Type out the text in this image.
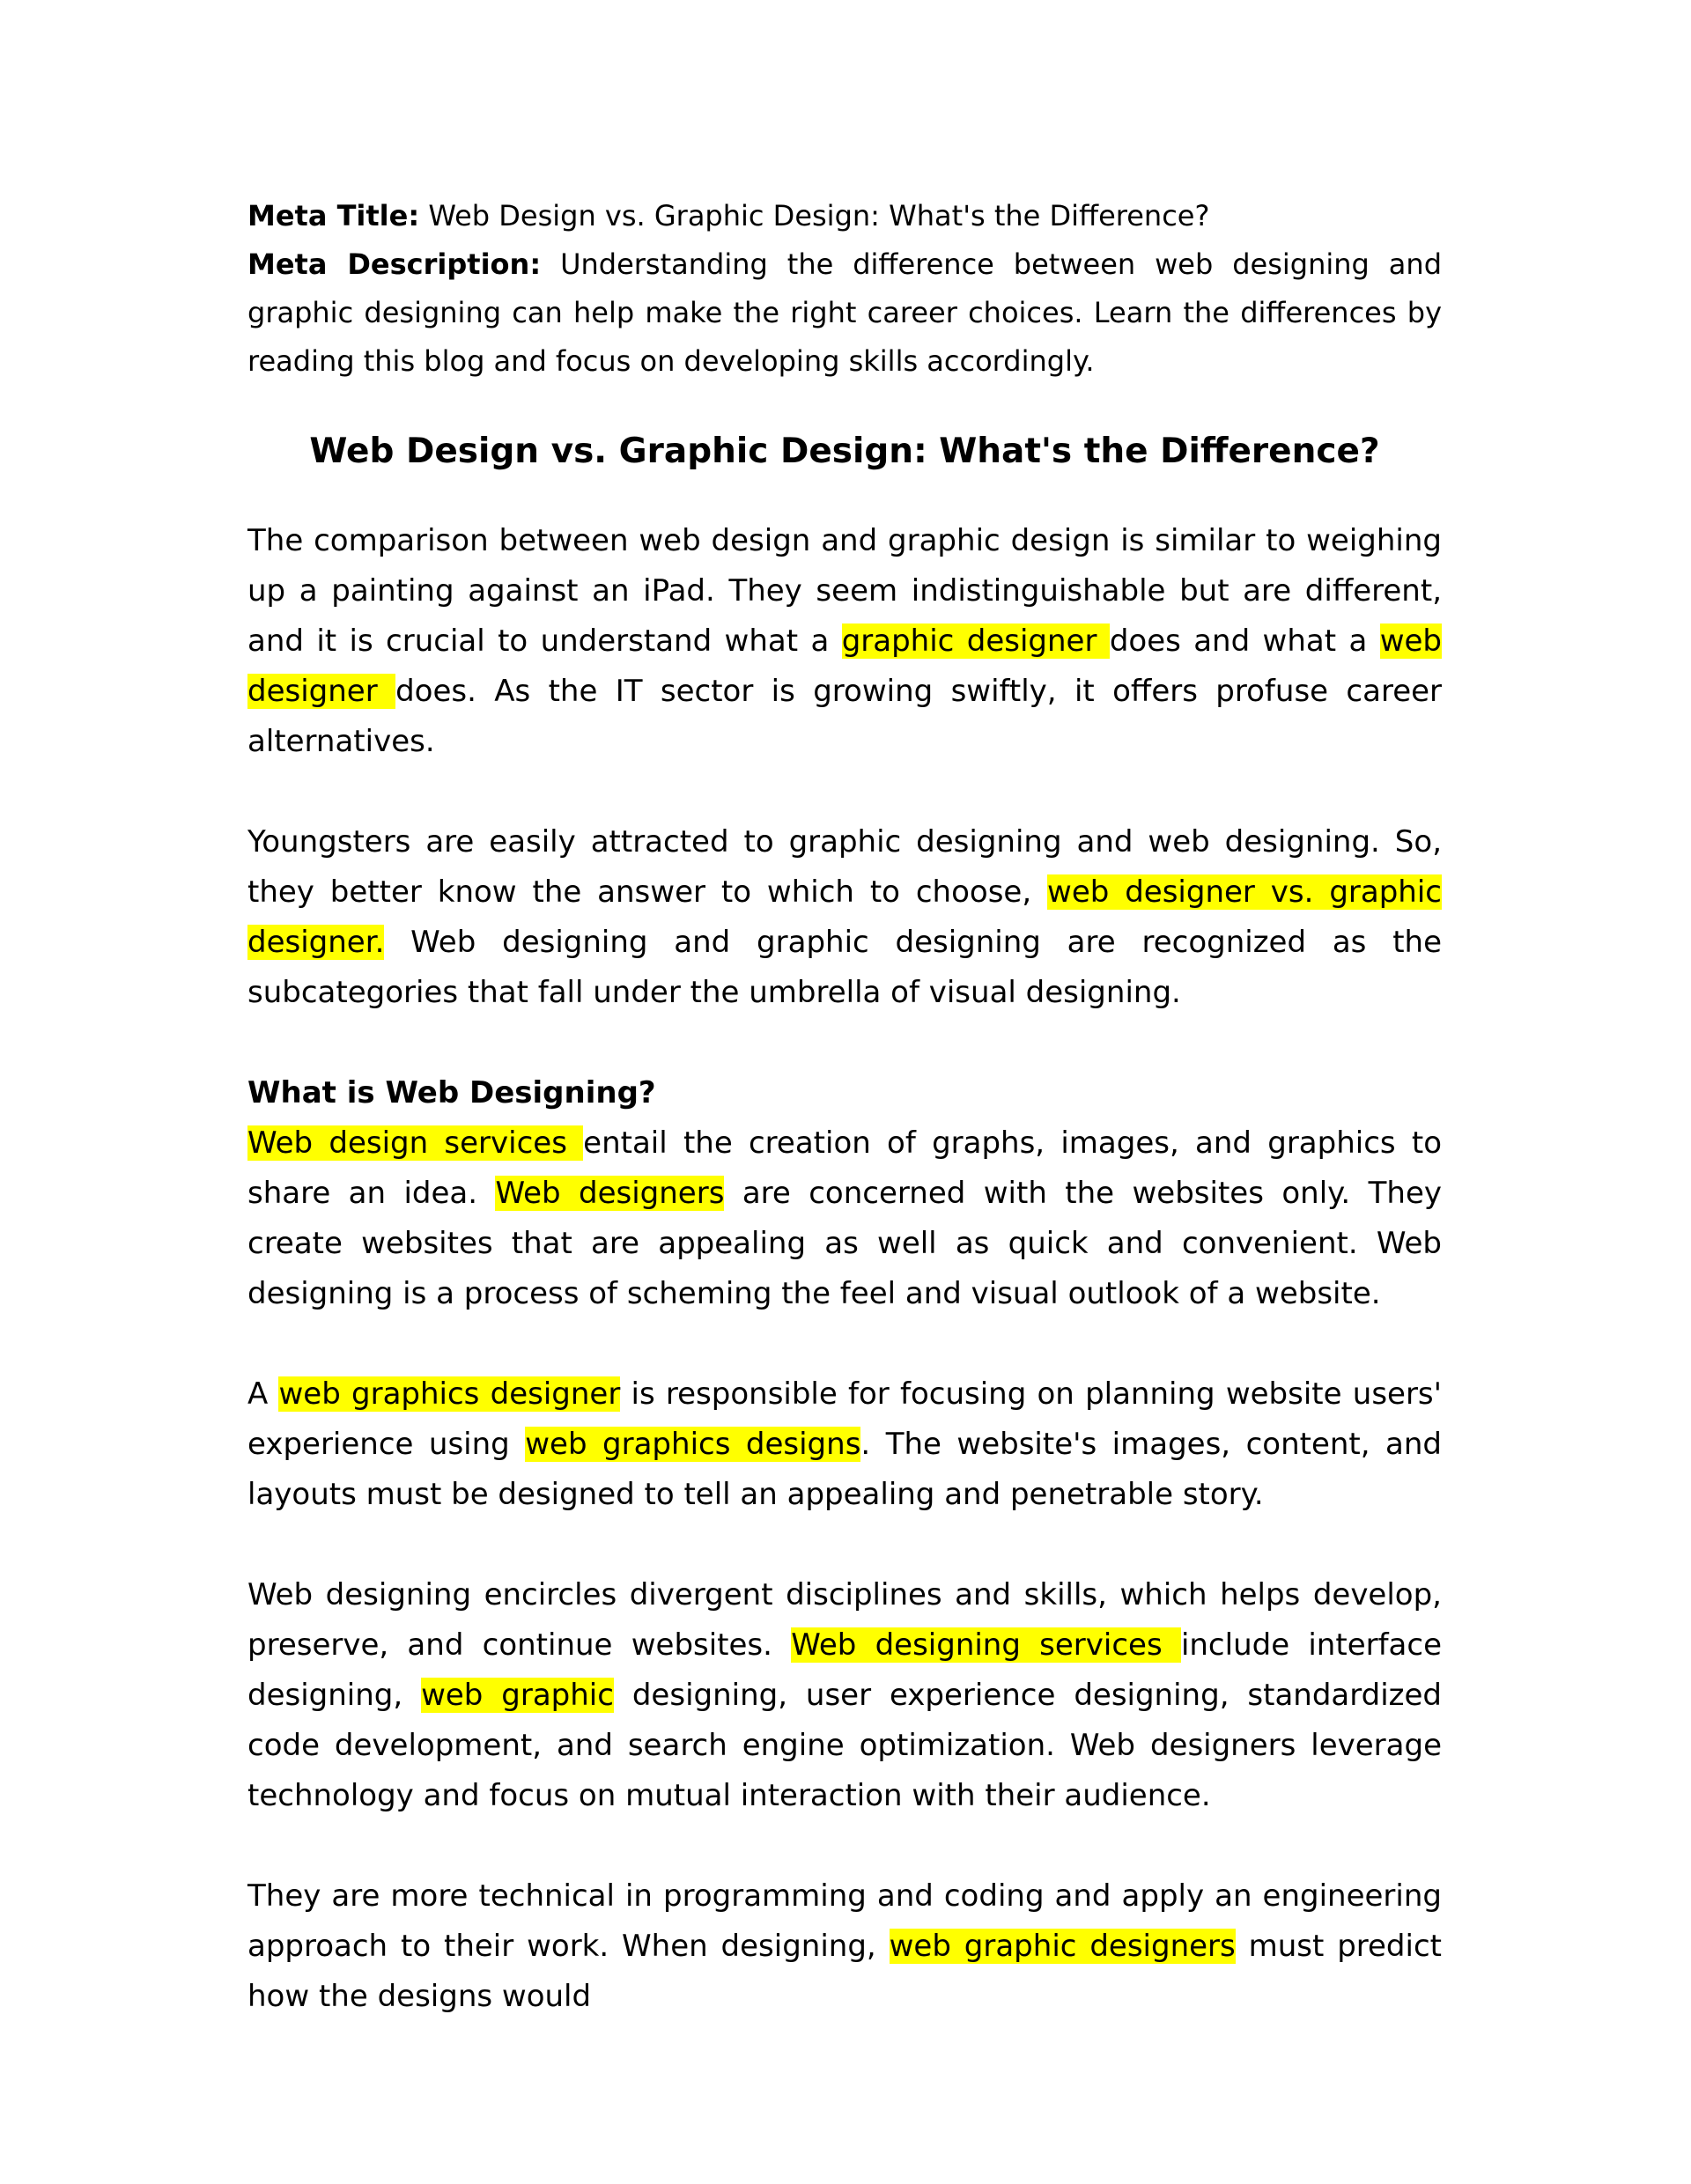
Meta Title: Web Design vs. Graphic Design: What's the Difference?

Meta Description: Understanding the difference between web designing and graphic designing can help make the right career choices. Learn the differences by reading this blog and focus on developing skills accordingly.

Web Design vs. Graphic Design: What's the Difference?

The comparison between web design and graphic design is similar to weighing up a painting against an iPad. They seem indistinguishable but are different, and it is crucial to understand what a graphic designer does and what a web designer does. As the IT sector is growing swiftly, it offers profuse career alternatives.

Youngsters are easily attracted to graphic designing and web designing. So, they better know the answer to which to choose, web designer vs. graphic designer. Web designing and graphic designing are recognized as the subcategories that fall under the umbrella of visual designing.

What is Web Designing?

Web design services entail the creation of graphs, images, and graphics to share an idea. Web designers are concerned with the websites only. They create websites that are appealing as well as quick and convenient. Web designing is a process of scheming the feel and visual outlook of a website.

A web graphics designer is responsible for focusing on planning website users' experience using web graphics designs. The website's images, content, and layouts must be designed to tell an appealing and penetrable story.

Web designing encircles divergent disciplines and skills, which helps develop, preserve, and continue websites. Web designing services include interface designing, web graphic designing, user experience designing, standardized code development, and search engine optimization. Web designers leverage technology and focus on mutual interaction with their audience.

They are more technical in programming and coding and apply an engineering approach to their work. When designing, web graphic designers must predict how the designs would
